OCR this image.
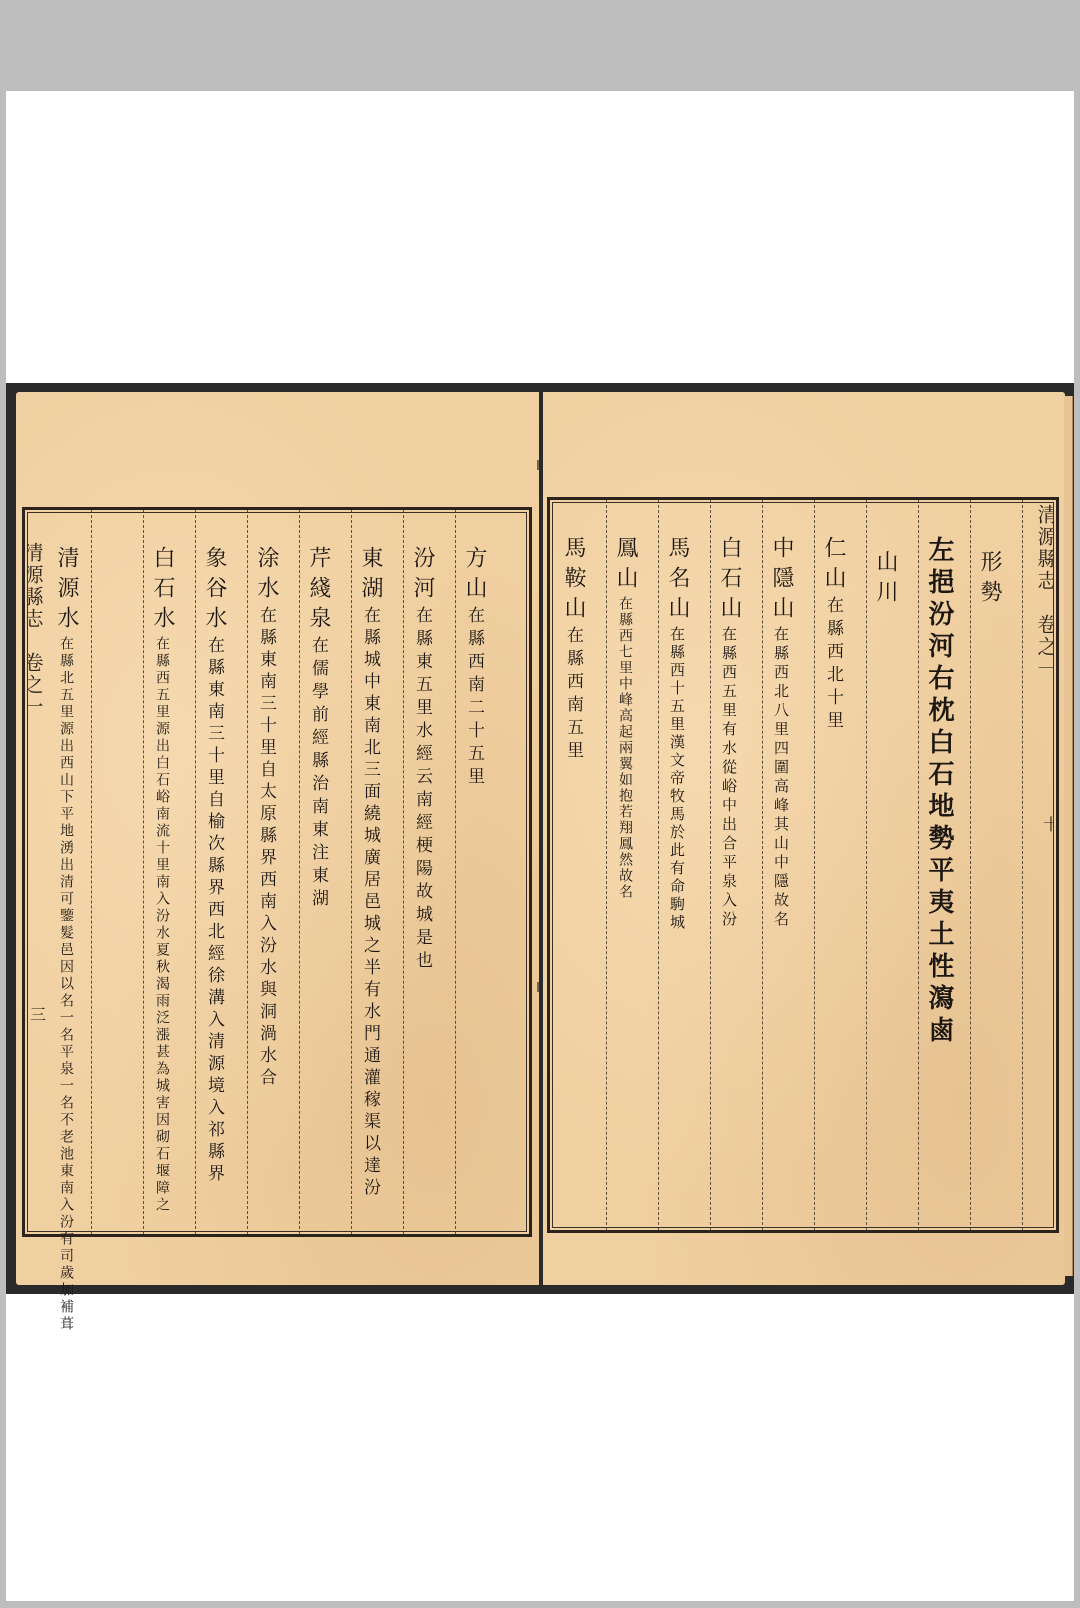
清源縣志　卷之一
三
方山在縣西南二十五里
汾河在縣東五里水經云南經梗陽故城是也
東湖在縣城中東南北三面繞城廣居邑城之半有水門通灌稼渠以達汾
芹綫泉在儒學前經縣治南東注東湖
涂水在縣東南三十里自太原縣界西南入汾水與洞渦水合
象谷水在縣東南三十里自榆次縣界西北經徐溝入清源境入祁縣界
白石水在縣西五里源出白石峪南流十里南入汾水夏秋渴雨泛漲甚為城害因砌石堰障之
清源水在縣北五里源出西山下平地湧出清可鑒髮邑因以名一名平泉一名不老池東南入汾有司歲加補葺
清源縣志　卷之一
十
形勢
左挹汾河右枕白石地勢平夷土性瀉鹵
山川
仁山在縣西北十里
中隱山在縣西北八里四圍高峰其山中隱故名
白石山在縣西五里有水從峪中出合平泉入汾
馬名山在縣西十五里漢文帝牧馬於此有命駒城
鳳山在縣西七里中峰高起兩翼如抱若翔鳳然故名
馬鞍山在縣西南五里
